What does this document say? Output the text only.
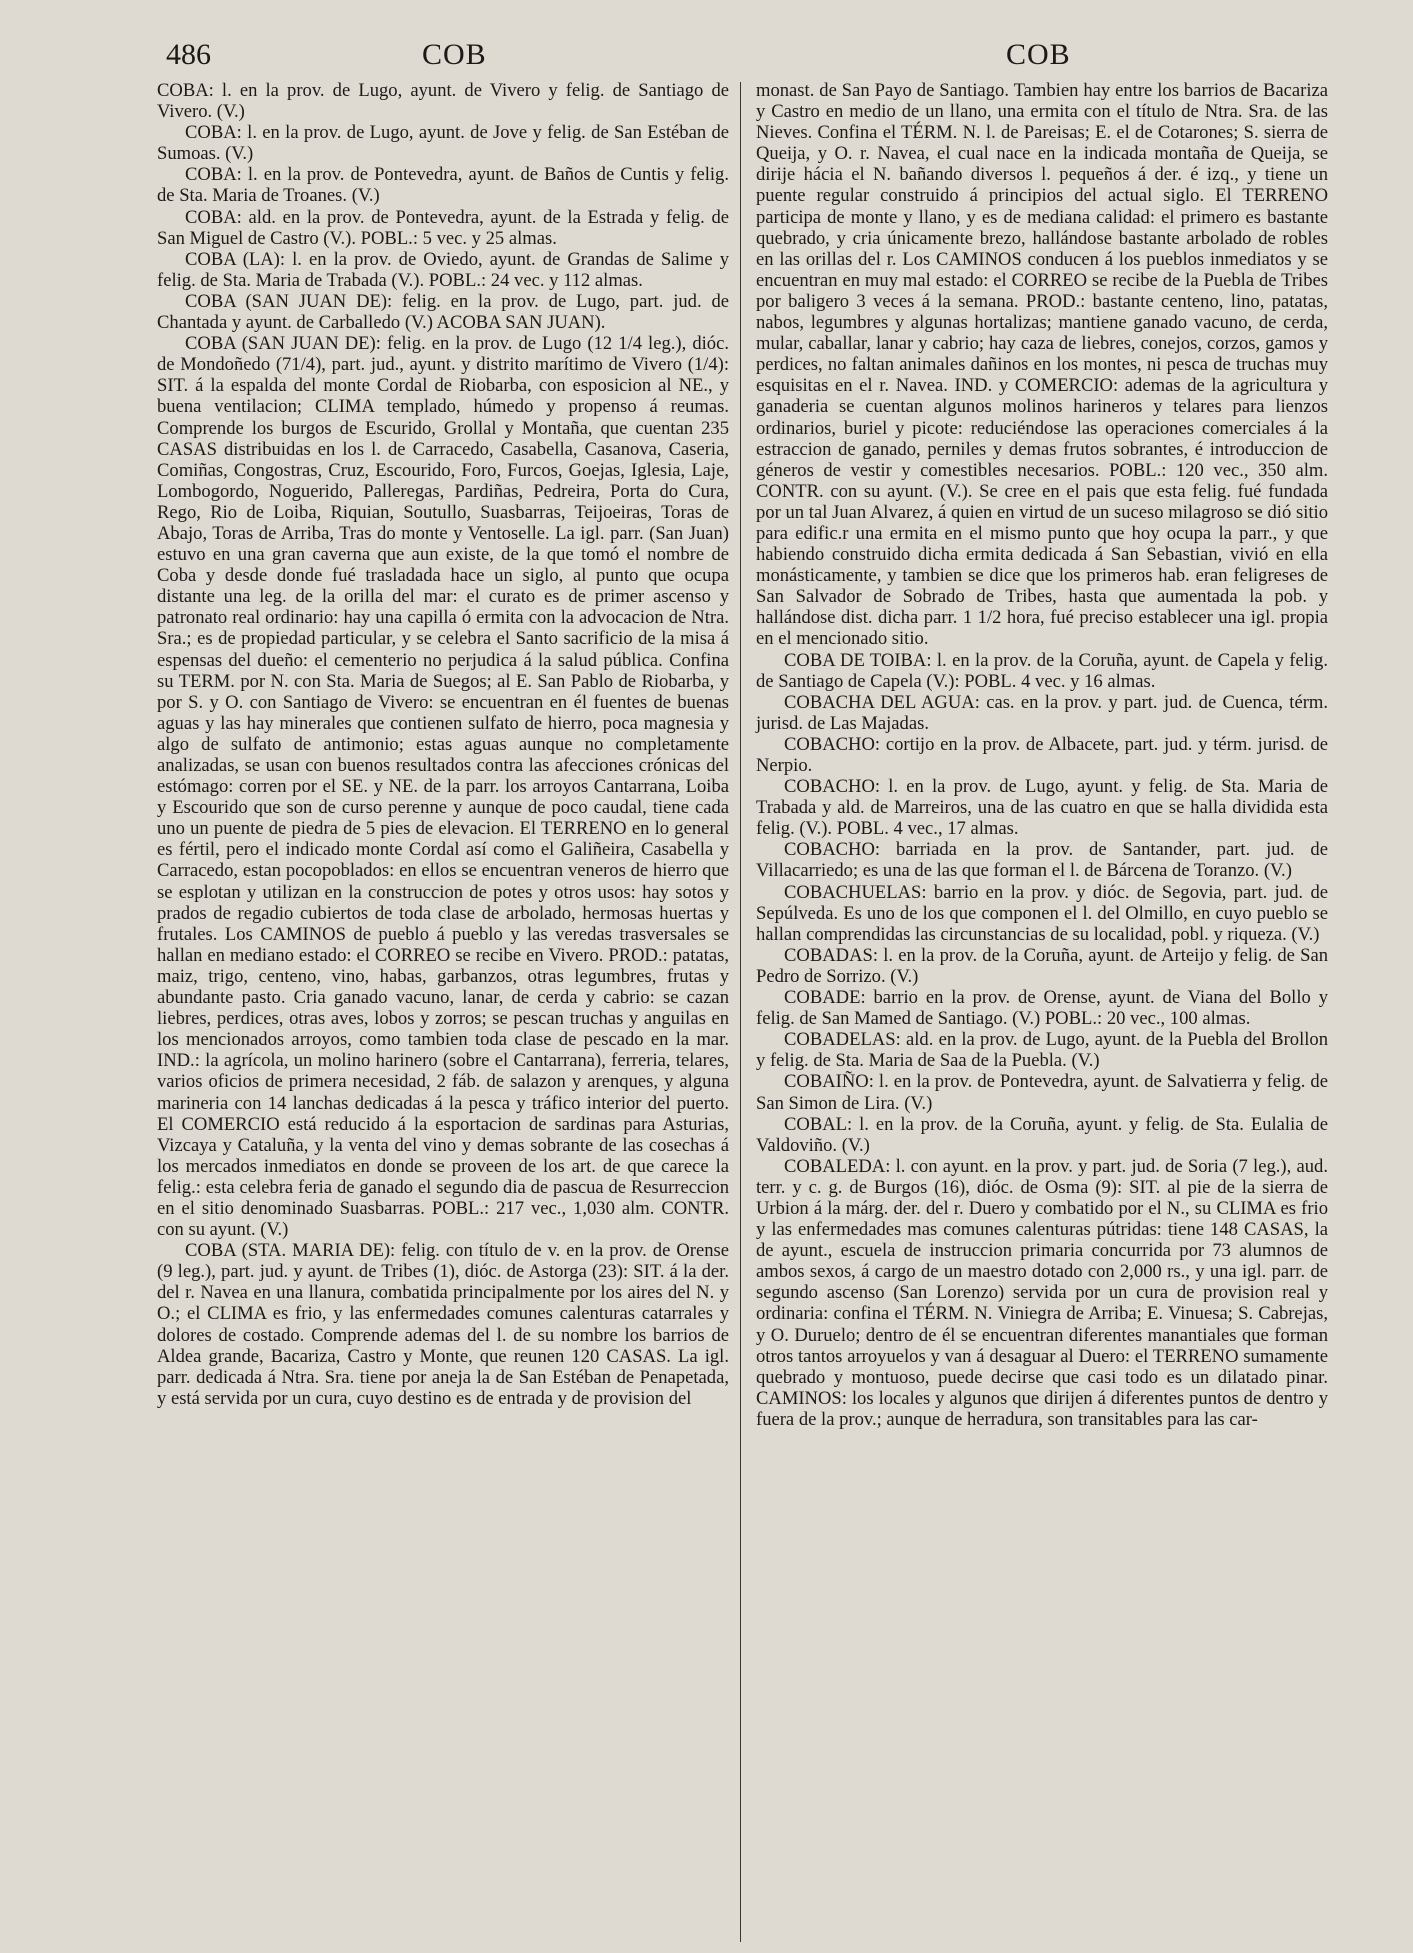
486	COB	COB

COBA: l. en la prov. de Lugo, ayunt. de Vivero y felig. de Santiago de Vivero. (V.)

COBA: l. en la prov. de Lugo, ayunt. de Jove y felig. de San Estéban de Sumoas. (V.)

COBA: l. en la prov. de Pontevedra, ayunt. de Baños de Cuntis y felig. de Sta. Maria de Troanes. (V.)

COBA: ald. en la prov. de Pontevedra, ayunt. de la Estrada y felig. de San Miguel de Castro (V.). POBL.: 5 vec. y 25 almas.

COBA (LA): l. en la prov. de Oviedo, ayunt. de Grandas de Salime y felig. de Sta. Maria de Trabada (V.). POBL.: 24 vec. y 112 almas.

COBA (SAN JUAN DE): felig. en la prov. de Lugo, part. jud. de Chantada y ayunt. de Carballedo (V.) ACOBA SAN JUAN).

COBA (SAN JUAN DE): felig. en la prov. de Lugo (12 1/4 leg.), dióc. de Mondoñedo (71/4), part. jud., ayunt. y distrito marítimo de Vivero (1/4): SIT. á la espalda del monte Cordal de Riobarba, con esposicion al NE., y buena ventilacion; CLIMA templado, húmedo y propenso á reumas. Comprende los burgos de Escurido, Grollal y Montaña, que cuentan 235 CASAS distribuidas en los l. de Carracedo, Casabella, Casanova, Caseria, Comiñas, Congostras, Cruz, Escourido, Foro, Furcos, Goejas, Iglesia, Laje, Lombogordo, Noguerido, Palleregas, Pardiñas, Pedreira, Porta do Cura, Rego, Rio de Loiba, Riquian, Soutullo, Suasbarras, Teijoeiras, Toras de Abajo, Toras de Arriba, Tras do monte y Ventoselle. La igl. parr. (San Juan) estuvo en una gran caverna que aun existe, de la que tomó el nombre de Coba y desde donde fué trasladada hace un siglo, al punto que ocupa distante una leg. de la orilla del mar: el curato es de primer ascenso y patronato real ordinario: hay una capilla ó ermita con la advocacion de Ntra. Sra.; es de propiedad particular, y se celebra el Santo sacrificio de la misa á espensas del dueño: el cementerio no perjudica á la salud pública. Confina su TERM. por N. con Sta. Maria de Suegos; al E. San Pablo de Riobarba, y por S. y O. con Santiago de Vivero: se encuentran en él fuentes de buenas aguas y las hay minerales que contienen sulfato de hierro, poca magnesia y algo de sulfato de antimonio; estas aguas aunque no completamente analizadas, se usan con buenos resultados contra las afecciones crónicas del estómago: corren por el SE. y NE. de la parr. los arroyos Cantarrana, Loiba y Escourido que son de curso perenne y aunque de poco caudal, tiene cada uno un puente de piedra de 5 pies de elevacion. El TERRENO en lo general es fértil, pero el indicado monte Cordal así como el Galiñeira, Casabella y Carracedo, estan pocopoblados: en ellos se encuentran veneros de hierro que se esplotan y utilizan en la construccion de potes y otros usos: hay sotos y prados de regadio cubiertos de toda clase de arbolado, hermosas huertas y frutales. Los CAMINOS de pueblo á pueblo y las veredas trasversales se hallan en mediano estado: el CORREO se recibe en Vivero. PROD.: patatas, maiz, trigo, centeno, vino, habas, garbanzos, otras legumbres, frutas y abundante pasto. Cria ganado vacuno, lanar, de cerda y cabrio: se cazan liebres, perdices, otras aves, lobos y zorros; se pescan truchas y anguilas en los mencionados arroyos, como tambien toda clase de pescado en la mar. IND.: la agrícola, un molino harinero (sobre el Cantarrana), ferreria, telares, varios oficios de primera necesidad, 2 fáb. de salazon y arenques, y alguna marineria con 14 lanchas dedicadas á la pesca y tráfico interior del puerto. El COMERCIO está reducido á la esportacion de sardinas para Asturias, Vizcaya y Cataluña, y la venta del vino y demas sobrante de las cosechas á los mercados inmediatos en donde se proveen de los art. de que carece la felig.: esta celebra feria de ganado el segundo dia de pascua de Resurreccion en el sitio denominado Suasbarras. POBL.: 217 vec., 1,030 alm. CONTR. con su ayunt. (V.)

COBA (STA. MARIA DE): felig. con título de v. en la prov. de Orense (9 leg.), part. jud. y ayunt. de Tribes (1), dióc. de Astorga (23): SIT. á la der. del r. Navea en una llanura, combatida principalmente por los aires del N. y O.; el CLIMA es frio, y las enfermedades comunes calenturas catarrales y dolores de costado. Comprende ademas del l. de su nombre los barrios de Aldea grande, Bacariza, Castro y Monte, que reunen 120 CASAS. La igl. parr. dedicada á Ntra. Sra. tiene por aneja la de San Estéban de Penapetada, y está servida por un cura, cuyo destino es de entrada y de provision del

monast. de San Payo de Santiago. Tambien hay entre los barrios de Bacariza y Castro en medio de un llano, una ermita con el título de Ntra. Sra. de las Nieves. Confina el TÉRM. N. l. de Pareisas; E. el de Cotarones; S. sierra de Queija, y O. r. Navea, el cual nace en la indicada montaña de Queija, se dirije hácia el N. bañando diversos l. pequeños á der. é izq., y tiene un puente regular construido á principios del actual siglo. El TERRENO participa de monte y llano, y es de mediana calidad: el primero es bastante quebrado, y cria únicamente brezo, hallándose bastante arbolado de robles en las orillas del r. Los CAMINOS conducen á los pueblos inmediatos y se encuentran en muy mal estado: el CORREO se recibe de la Puebla de Tribes por baligero 3 veces á la semana. PROD.: bastante centeno, lino, patatas, nabos, legumbres y algunas hortalizas; mantiene ganado vacuno, de cerda, mular, caballar, lanar y cabrio; hay caza de liebres, conejos, corzos, gamos y perdices, no faltan animales dañinos en los montes, ni pesca de truchas muy esquisitas en el r. Navea. IND. y COMERCIO: ademas de la agricultura y ganaderia se cuentan algunos molinos harineros y telares para lienzos ordinarios, buriel y picote: reduciéndose las operaciones comerciales á la estraccion de ganado, perniles y demas frutos sobrantes, é introduccion de géneros de vestir y comestibles necesarios. POBL.: 120 vec., 350 alm. CONTR. con su ayunt. (V.). Se cree en el pais que esta felig. fué fundada por un tal Juan Alvarez, á quien en virtud de un suceso milagroso se dió sitio para edific.r una ermita en el mismo punto que hoy ocupa la parr., y que habiendo construido dicha ermita dedicada á San Sebastian, vivió en ella monásticamente, y tambien se dice que los primeros hab. eran feligreses de San Salvador de Sobrado de Tribes, hasta que aumentada la pob. y hallándose dist. dicha parr. 1 1/2 hora, fué preciso establecer una igl. propia en el mencionado sitio.

COBA DE TOIBA: l. en la prov. de la Coruña, ayunt. de Capela y felig. de Santiago de Capela (V.): POBL. 4 vec. y 16 almas.

COBACHA DEL AGUA: cas. en la prov. y part. jud. de Cuenca, térm. jurisd. de Las Majadas.

COBACHO: cortijo en la prov. de Albacete, part. jud. y térm. jurisd. de Nerpio.

COBACHO: l. en la prov. de Lugo, ayunt. y felig. de Sta. Maria de Trabada y ald. de Marreiros, una de las cuatro en que se halla dividida esta felig. (V.). POBL. 4 vec., 17 almas.

COBACHO: barriada en la prov. de Santander, part. jud. de Villacarriedo; es una de las que forman el l. de Bárcena de Toranzo. (V.)

COBACHUELAS: barrio en la prov. y dióc. de Segovia, part. jud. de Sepúlveda. Es uno de los que componen el l. del Olmillo, en cuyo pueblo se hallan comprendidas las circunstancias de su localidad, pobl. y riqueza. (V.)

COBADAS: l. en la prov. de la Coruña, ayunt. de Arteijo y felig. de San Pedro de Sorrizo. (V.)

COBADE: barrio en la prov. de Orense, ayunt. de Viana del Bollo y felig. de San Mamed de Santiago. (V.) POBL.: 20 vec., 100 almas.

COBADELAS: ald. en la prov. de Lugo, ayunt. de la Puebla del Brollon y felig. de Sta. Maria de Saa de la Puebla. (V.)

COBAIÑO: l. en la prov. de Pontevedra, ayunt. de Salvatierra y felig. de San Simon de Lira. (V.)

COBAL: l. en la prov. de la Coruña, ayunt. y felig. de Sta. Eulalia de Valdoviño. (V.)

COBALEDA: l. con ayunt. en la prov. y part. jud. de Soria (7 leg.), aud. terr. y c. g. de Burgos (16), dióc. de Osma (9): SIT. al pie de la sierra de Urbion á la márg. der. del r. Duero y combatido por el N., su CLIMA es frio y las enfermedades mas comunes calenturas pútridas: tiene 148 CASAS, la de ayunt., escuela de instruccion primaria concurrida por 73 alumnos de ambos sexos, á cargo de un maestro dotado con 2,000 rs., y una igl. parr. de segundo ascenso (San Lorenzo) servida por un cura de provision real y ordinaria: confina el TÉRM. N. Viniegra de Arriba; E. Vinuesa; S. Cabrejas, y O. Duruelo; dentro de él se encuentran diferentes manantiales que forman otros tantos arroyuelos y van á desaguar al Duero: el TERRENO sumamente quebrado y montuoso, puede decirse que casi todo es un dilatado pinar. CAMINOS: los locales y algunos que dirijen á diferentes puntos de dentro y fuera de la prov.; aunque de herradura, son transitables para las car-
